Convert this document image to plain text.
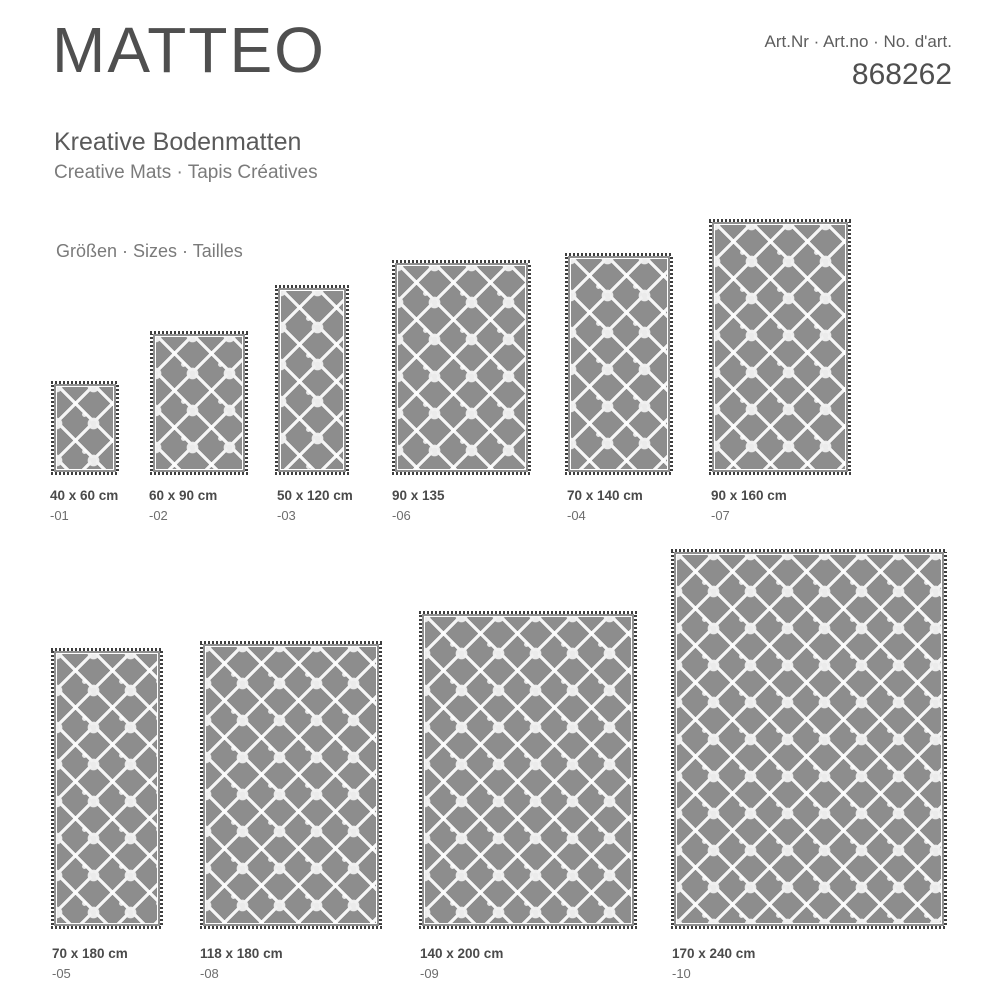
MATTEO
Kreative Bodenmatten
Creative Mats · Tapis Créatives
Art.Nr · Art.no · No. d'art.
868262
Größen · Sizes · Tailles
40 x 60 cm
-01
60 x 90 cm
-02
50 x 120 cm
-03
90 x 135
-06
70 x 140 cm
-04
90 x 160 cm
-07
70 x 180 cm
-05
118 x 180 cm
-08
140 x 200 cm
-09
170 x 240 cm
-10
